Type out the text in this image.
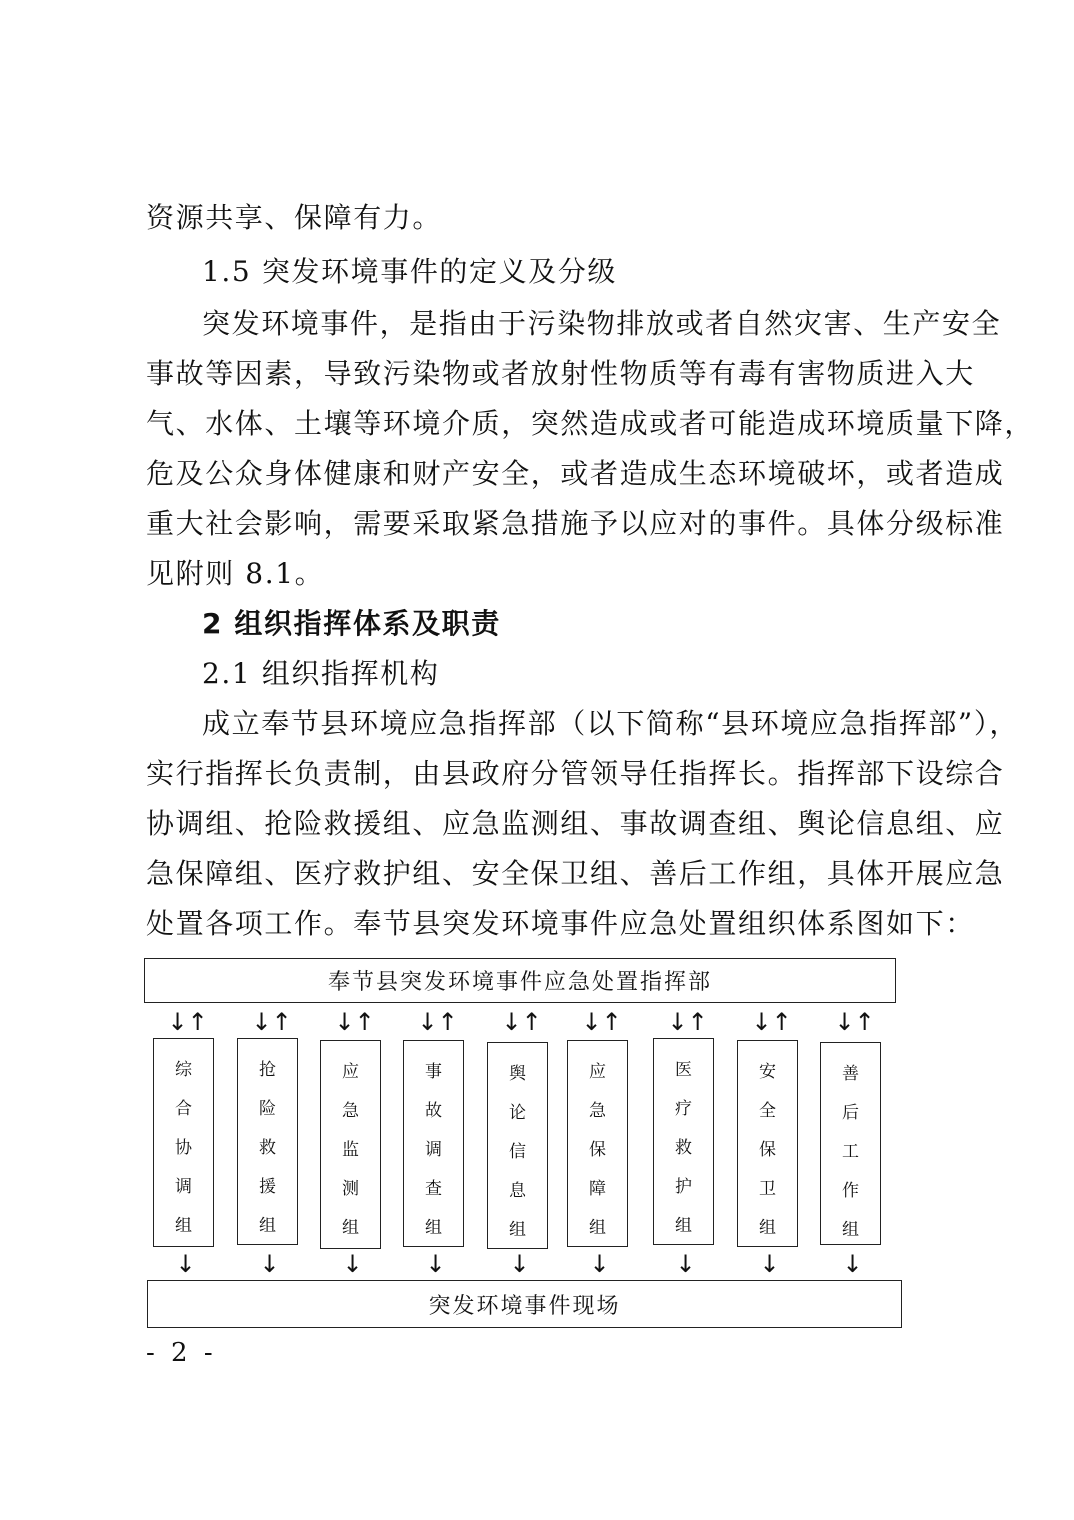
资源共享、保障有力。
1.5 突发环境事件的定义及分级
突发环境事件，是指由于污染物排放或者自然灾害、生产安全
事故等因素，导致污染物或者放射性物质等有毒有害物质进入大
气、水体、土壤等环境介质，突然造成或者可能造成环境质量下降，
危及公众身体健康和财产安全，或者造成生态环境破坏，或者造成
重大社会影响，需要采取紧急措施予以应对的事件。具体分级标准
见附则 8.1。
2 组织指挥体系及职责
2.1 组织指挥机构
成立奉节县环境应急指挥部（以下简称“县环境应急指挥部”），
实行指挥长负责制，由县政府分管领导任指挥长。指挥部下设综合
协调组、抢险救援组、应急监测组、事故调查组、舆论信息组、应
急保障组、医疗救护组、安全保卫组、善后工作组，具体开展应急
处置各项工作。奉节县突发环境事件应急处置组织体系图如下：
奉节县突发环境事件应急处置指挥部
↓↑
综
合
协
调
组
↓
↓↑
抢
险
救
援
组
↓
↓↑
应
急
监
测
组
↓
↓↑
事
故
调
查
组
↓
↓↑
舆
论
信
息
组
↓
↓↑
应
急
保
障
组
↓
↓↑
医
疗
救
护
组
↓
↓↑
安
全
保
卫
组
↓
↓↑
善
后
工
作
组
↓
突发环境事件现场
- 2 -
